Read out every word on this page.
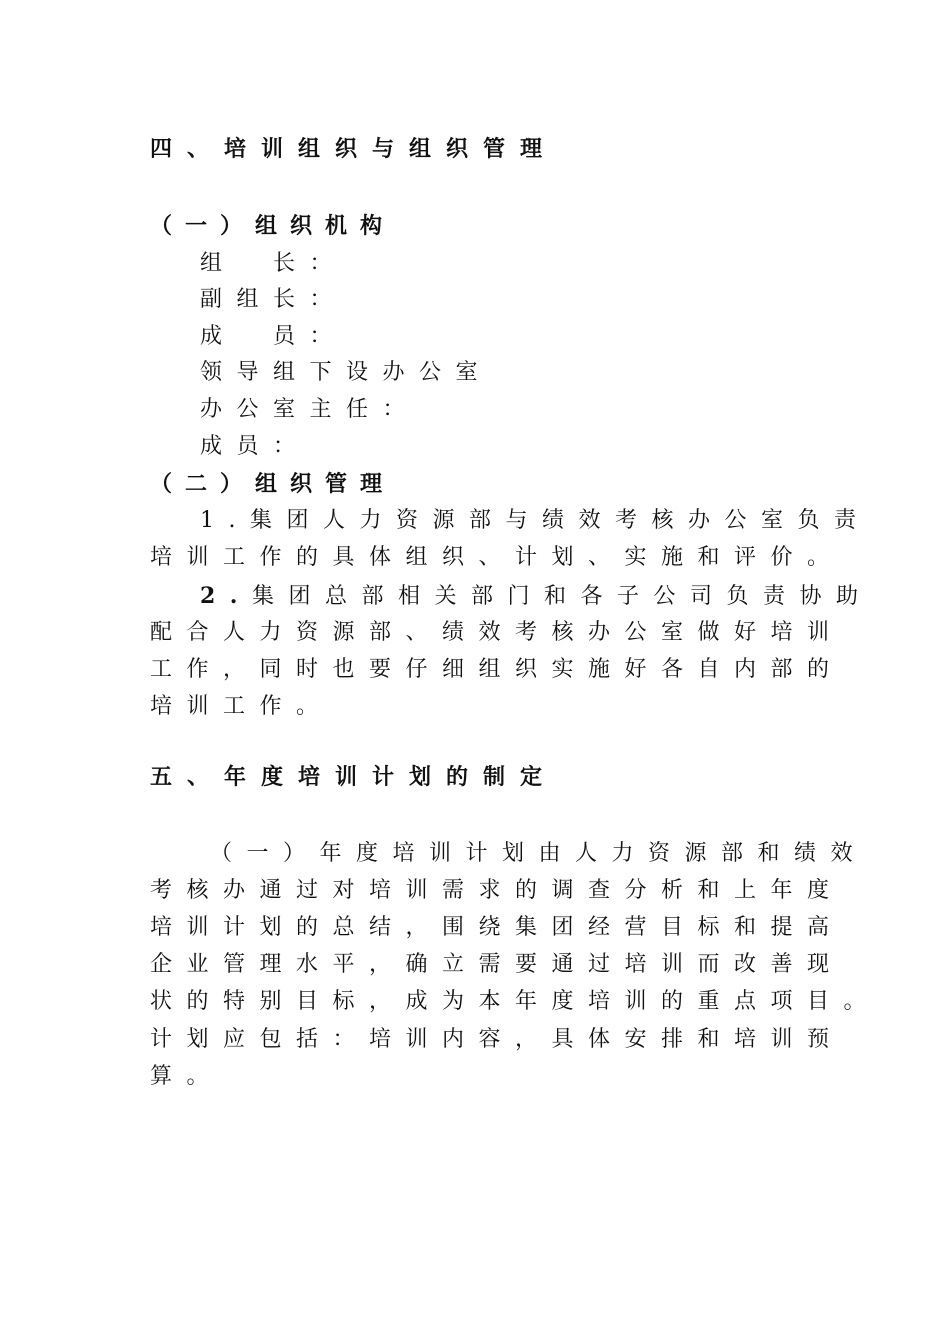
四、培训组织与组织管理
（一）组织机构
组　长：
副组长：
成　员：
领导组下设办公室
办公室主任：
成员：
（二）组织管理
1.集团人力资源部与绩效考核办公室负责
培训工作的具体组织、计划、实施和评价。
2.集团总部相关部门和各子公司负责协助
配合人力资源部、绩效考核办公室做好培训
工作，同时也要仔细组织实施好各自内部的
培训工作。
五、年度培训计划的制定
（一）年度培训计划由人力资源部和绩效
考核办通过对培训需求的调查分析和上年度
培训计划的总结，围绕集团经营目标和提高
企业管理水平，确立需要通过培训而改善现
状的特别目标，成为本年度培训的重点项目。
计划应包括：培训内容，具体安排和培训预
算。
